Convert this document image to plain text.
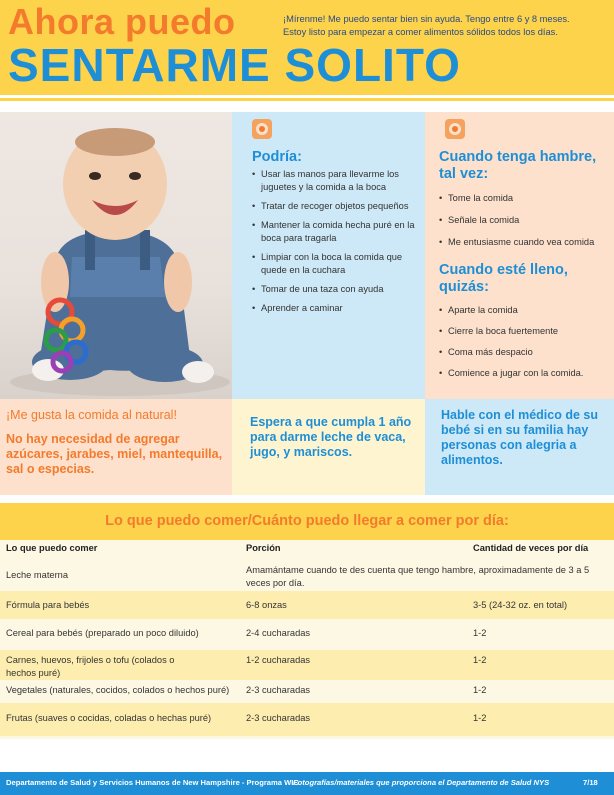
Ahora puedo
SENTARME SOLITO
¡Mírenme! Me puedo sentar bien sin ayuda. Tengo entre 6 y 8 meses.
Estoy listo para empezar a comer alimentos sólidos todos los días.
Podría:
• Usar las manos para llevarme los juguetes y la comida a la boca
• Tratar de recoger objetos pequeños
• Mantener la comida hecha puré en la boca para tragarla
• Limpiar con la boca la comida que quede en la cuchara
• Tomar de una taza con ayuda
• Aprender a caminar
Cuando tenga hambre, tal vez:
• Tome la comida
• Señale la comida
• Me entusiasme cuando vea comida
Cuando esté lleno, quizás:
• Aparte la comida
• Cierre la boca fuertemente
• Coma más despacio
• Comience a jugar con la comida.
¡Me gusta la comida al natural!
No hay necesidad de agregar azúcares, jarabes, miel, mantequilla, sal o especias.
Espera a que cumpla 1 año para darme leche de vaca, jugo, y mariscos.
Hable con el médico de su bebé si en su familia hay personas con alegria a alimentos.
Lo que puedo comer/Cuánto puedo llegar a comer por día:
Lo que puedo comer	Porción	Cantidad de veces por día
Leche materna	Amamántame cuando te des cuenta que tengo hambre, aproximadamente de 3 a 5 veces por día.
Fórmula para bebés	6-8 onzas	3-5 (24-32 oz. en total)
Cereal para bebés (preparado un poco diluido)	2-4 cucharadas	1-2
Carnes, huevos, frijoles o tofu (colados o hechos puré)
1-2 cucharadas	1-2
Vegetales (naturales, cocidos, colados o hechos puré)	2-3 cucharadas	1-2
Frutas (suaves o cocidas, coladas o hechas puré)	2-3 cucharadas	1-2
Departamento de Salud y Servicios Humanos de New Hampshire - Programa WIC
Fotografías/materiales que proporciona el Departamento de Salud NYS	7/18
